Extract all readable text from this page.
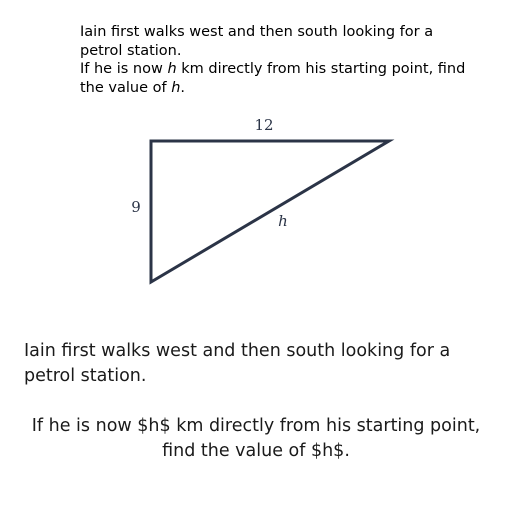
Iain first walks west and then south looking for a petrol station.

If he is now h km directly from his starting point, find the value of h.

12
9
h

Iain first walks west and then south looking for a petrol station.

If he is now $h$ km directly from his starting point, find the value of $h$.
